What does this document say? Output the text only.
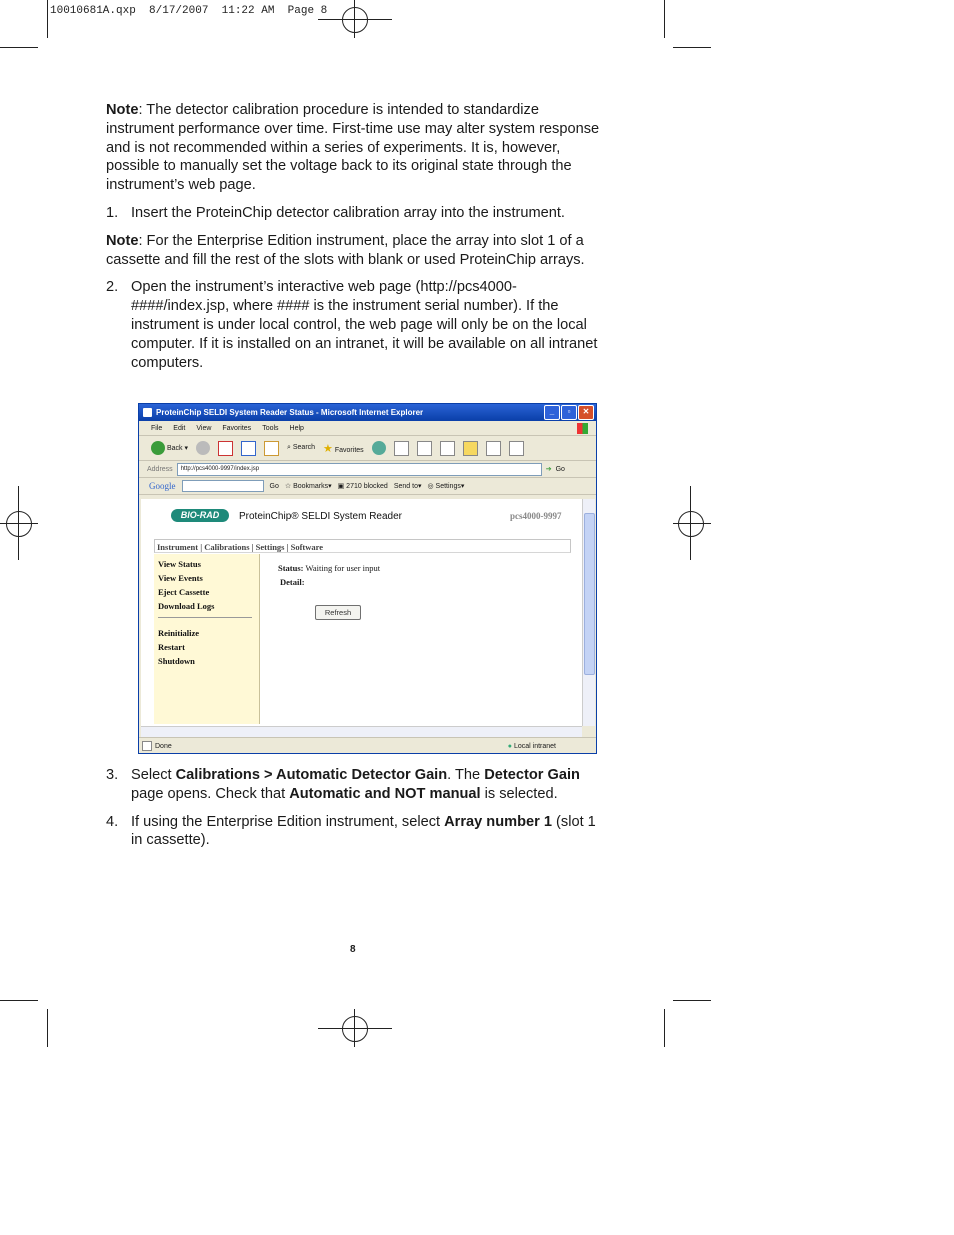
10010681A.qxp  8/17/2007  11:22 AM  Page 8

Note: The detector calibration procedure is intended to standardize instrument performance over time. First-time use may alter system response and is not recommended within a series of experiments. It is, however, possible to manually set the voltage back to its original state through the instrument’s web page.

1. Insert the ProteinChip detector calibration array into the instrument.

Note: For the Enterprise Edition instrument, place the array into slot 1 of a cassette and fill the rest of the slots with blank or used ProteinChip arrays.

2. Open the instrument’s interactive web page (http://pcs4000-####/index.jsp, where #### is the instrument serial number). If the instrument is under local control, the web page will only be on the local computer. If it is installed on an intranet, it will be available on all intranet computers.

ProteinChip SELDI System Reader Status - Microsoft Internet Explorer	_	▫	✕
File Edit View Favorites Tools Help
Back ▾	⌕ Search ★ Favorites
Address http://pcs4000-9997/index.jsp	➔ Go
Google	Go ☆ Bookmarks▾ ▣ 2710 blocked Send to▾ ◎ Settings▾
BIO-RAD	ProteinChip® SELDI System Reader	pcs4000-9997
Instrument | Calibrations | Settings | Software
View Status
View Events
Eject Cassette
Download Logs
Reinitialize
Restart
Shutdown
Status: Waiting for user input
Detail:
Refresh
Done	● Local intranet

3. Select Calibrations > Automatic Detector Gain. The Detector Gain page opens. Check that Automatic and NOT manual is selected.

4. If using the Enterprise Edition instrument, select Array number 1 (slot 1 in cassette).

8
